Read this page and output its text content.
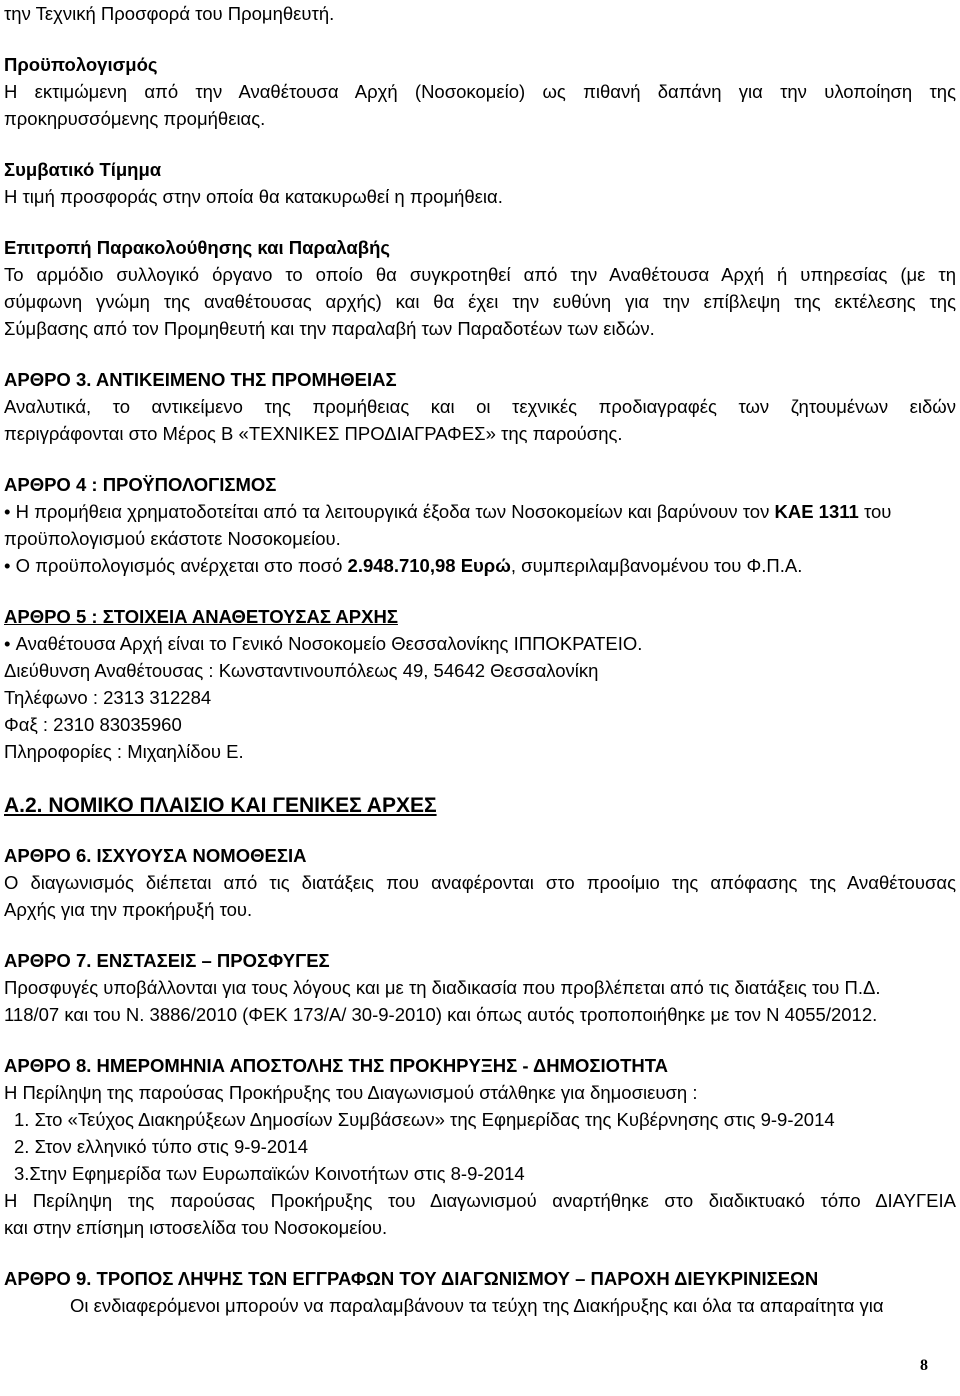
την Τεχνική Προσφορά του Προμηθευτή.

Προϋπολογισμός

Η εκτιμώμενη από την Αναθέτουσα Αρχή (Νοσοκομείο) ως πιθανή δαπάνη για την υλοποίηση της

προκηρυσσόμενης προμήθειας.

Συμβατικό Τίμημα

Η τιμή προσφοράς στην οποία θα κατακυρωθεί η προμήθεια.

Επιτροπή Παρακολούθησης και Παραλαβής

Το αρμόδιο συλλογικό όργανο το οποίο θα συγκροτηθεί από την Αναθέτουσα Αρχή ή υπηρεσίας (με τη

σύμφωνη γνώμη της αναθέτουσας αρχής) και θα έχει την ευθύνη για την επίβλεψη της εκτέλεσης της

Σύμβασης από τον Προμηθευτή και την παραλαβή των Παραδοτέων των ειδών.

ΑΡΘΡΟ 3. ΑΝΤΙΚΕΙΜΕΝΟ ΤΗΣ ΠΡΟΜΗΘΕΙΑΣ

Αναλυτικά, το αντικείμενο της προμήθειας και οι τεχνικές προδιαγραφές των ζητουμένων ειδών

περιγράφονται στο Μέρος Β «ΤΕΧΝΙΚΕΣ ΠΡΟΔΙΑΓΡΑΦΕΣ» της παρούσης.

ΑΡΘΡΟ 4 : ΠΡΟΫΠΟΛΟΓΙΣΜΟΣ

• Η προμήθεια χρηματοδοτείται από τα λειτουργικά έξοδα των Νοσοκομείων και βαρύνουν τον ΚΑΕ 1311 του

προϋπολογισμού εκάστοτε Νοσοκομείου.

• Ο προϋπολογισμός ανέρχεται στο ποσό 2.948.710,98 Ευρώ, συμπεριλαμβανομένου του Φ.Π.Α.

ΑΡΘΡΟ 5 : ΣΤΟΙΧΕΙΑ ΑΝΑΘΕΤΟΥΣΑΣ ΑΡΧΗΣ

• Αναθέτουσα Αρχή είναι το Γενικό Νοσοκομείο Θεσσαλονίκης ΙΠΠΟΚΡΑΤΕΙΟ.

Διεύθυνση Αναθέτουσας : Κωνσταντινουπόλεως 49, 54642 Θεσσαλονίκη

Τηλέφωνο : 2313 312284

Φαξ : 2310 83035960

Πληροφορίες : Μιχαηλίδου Ε.

Α.2. ΝΟΜΙΚΟ ΠΛΑΙΣΙΟ ΚΑΙ ΓΕΝΙΚΕΣ ΑΡΧΕΣ

ΑΡΘΡΟ 6. ΙΣΧΥΟΥΣΑ ΝΟΜΟΘΕΣΙΑ

Ο διαγωνισμός διέπεται από τις διατάξεις που αναφέρονται στο προοίμιο της απόφασης της Αναθέτουσας

Αρχής για την προκήρυξή του.

ΑΡΘΡΟ 7. ΕΝΣΤΑΣΕΙΣ – ΠΡΟΣΦΥΓΕΣ

Προσφυγές υποβάλλονται για τους λόγους και με τη διαδικασία που προβλέπεται από τις διατάξεις του Π.Δ.

118/07 και του Ν. 3886/2010 (ΦΕΚ 173/Α/ 30-9-2010) και όπως αυτός τροποποιήθηκε με τον Ν 4055/2012.

ΑΡΘΡΟ 8. ΗΜΕΡΟΜΗΝΙΑ ΑΠΟΣΤΟΛΗΣ ΤΗΣ ΠΡΟΚΗΡΥΞΗΣ - ΔΗΜΟΣΙΟΤΗΤΑ

Η Περίληψη της παρούσας Προκήρυξης του Διαγωνισμού στάλθηκε για δημοσιευση :

1. Στο «Τεύχος Διακηρύξεων Δημοσίων Συμβάσεων» της Εφημερίδας της Κυβέρνησης στις 9-9-2014

2. Στον ελληνικό τύπο στις 9-9-2014

3.Στην Εφημερίδα των Ευρωπαϊκών Κοινοτήτων στις 8-9-2014

Η Περίληψη της παρούσας Προκήρυξης του Διαγωνισμού αναρτήθηκε στο διαδικτυακό τόπο ΔΙΑΥΓΕΙΑ

και στην επίσημη ιστοσελίδα του Νοσοκομείου.

ΑΡΘΡΟ 9. ΤΡΟΠΟΣ ΛΗΨΗΣ ΤΩΝ ΕΓΓΡΑΦΩΝ ΤΟΥ ΔΙΑΓΩΝΙΣΜΟΥ – ΠΑΡΟΧΗ ΔΙΕΥΚΡΙΝΙΣΕΩΝ

Οι ενδιαφερόμενοι μπορούν να παραλαμβάνουν τα τεύχη της Διακήρυξης και όλα τα απαραίτητα για

8
